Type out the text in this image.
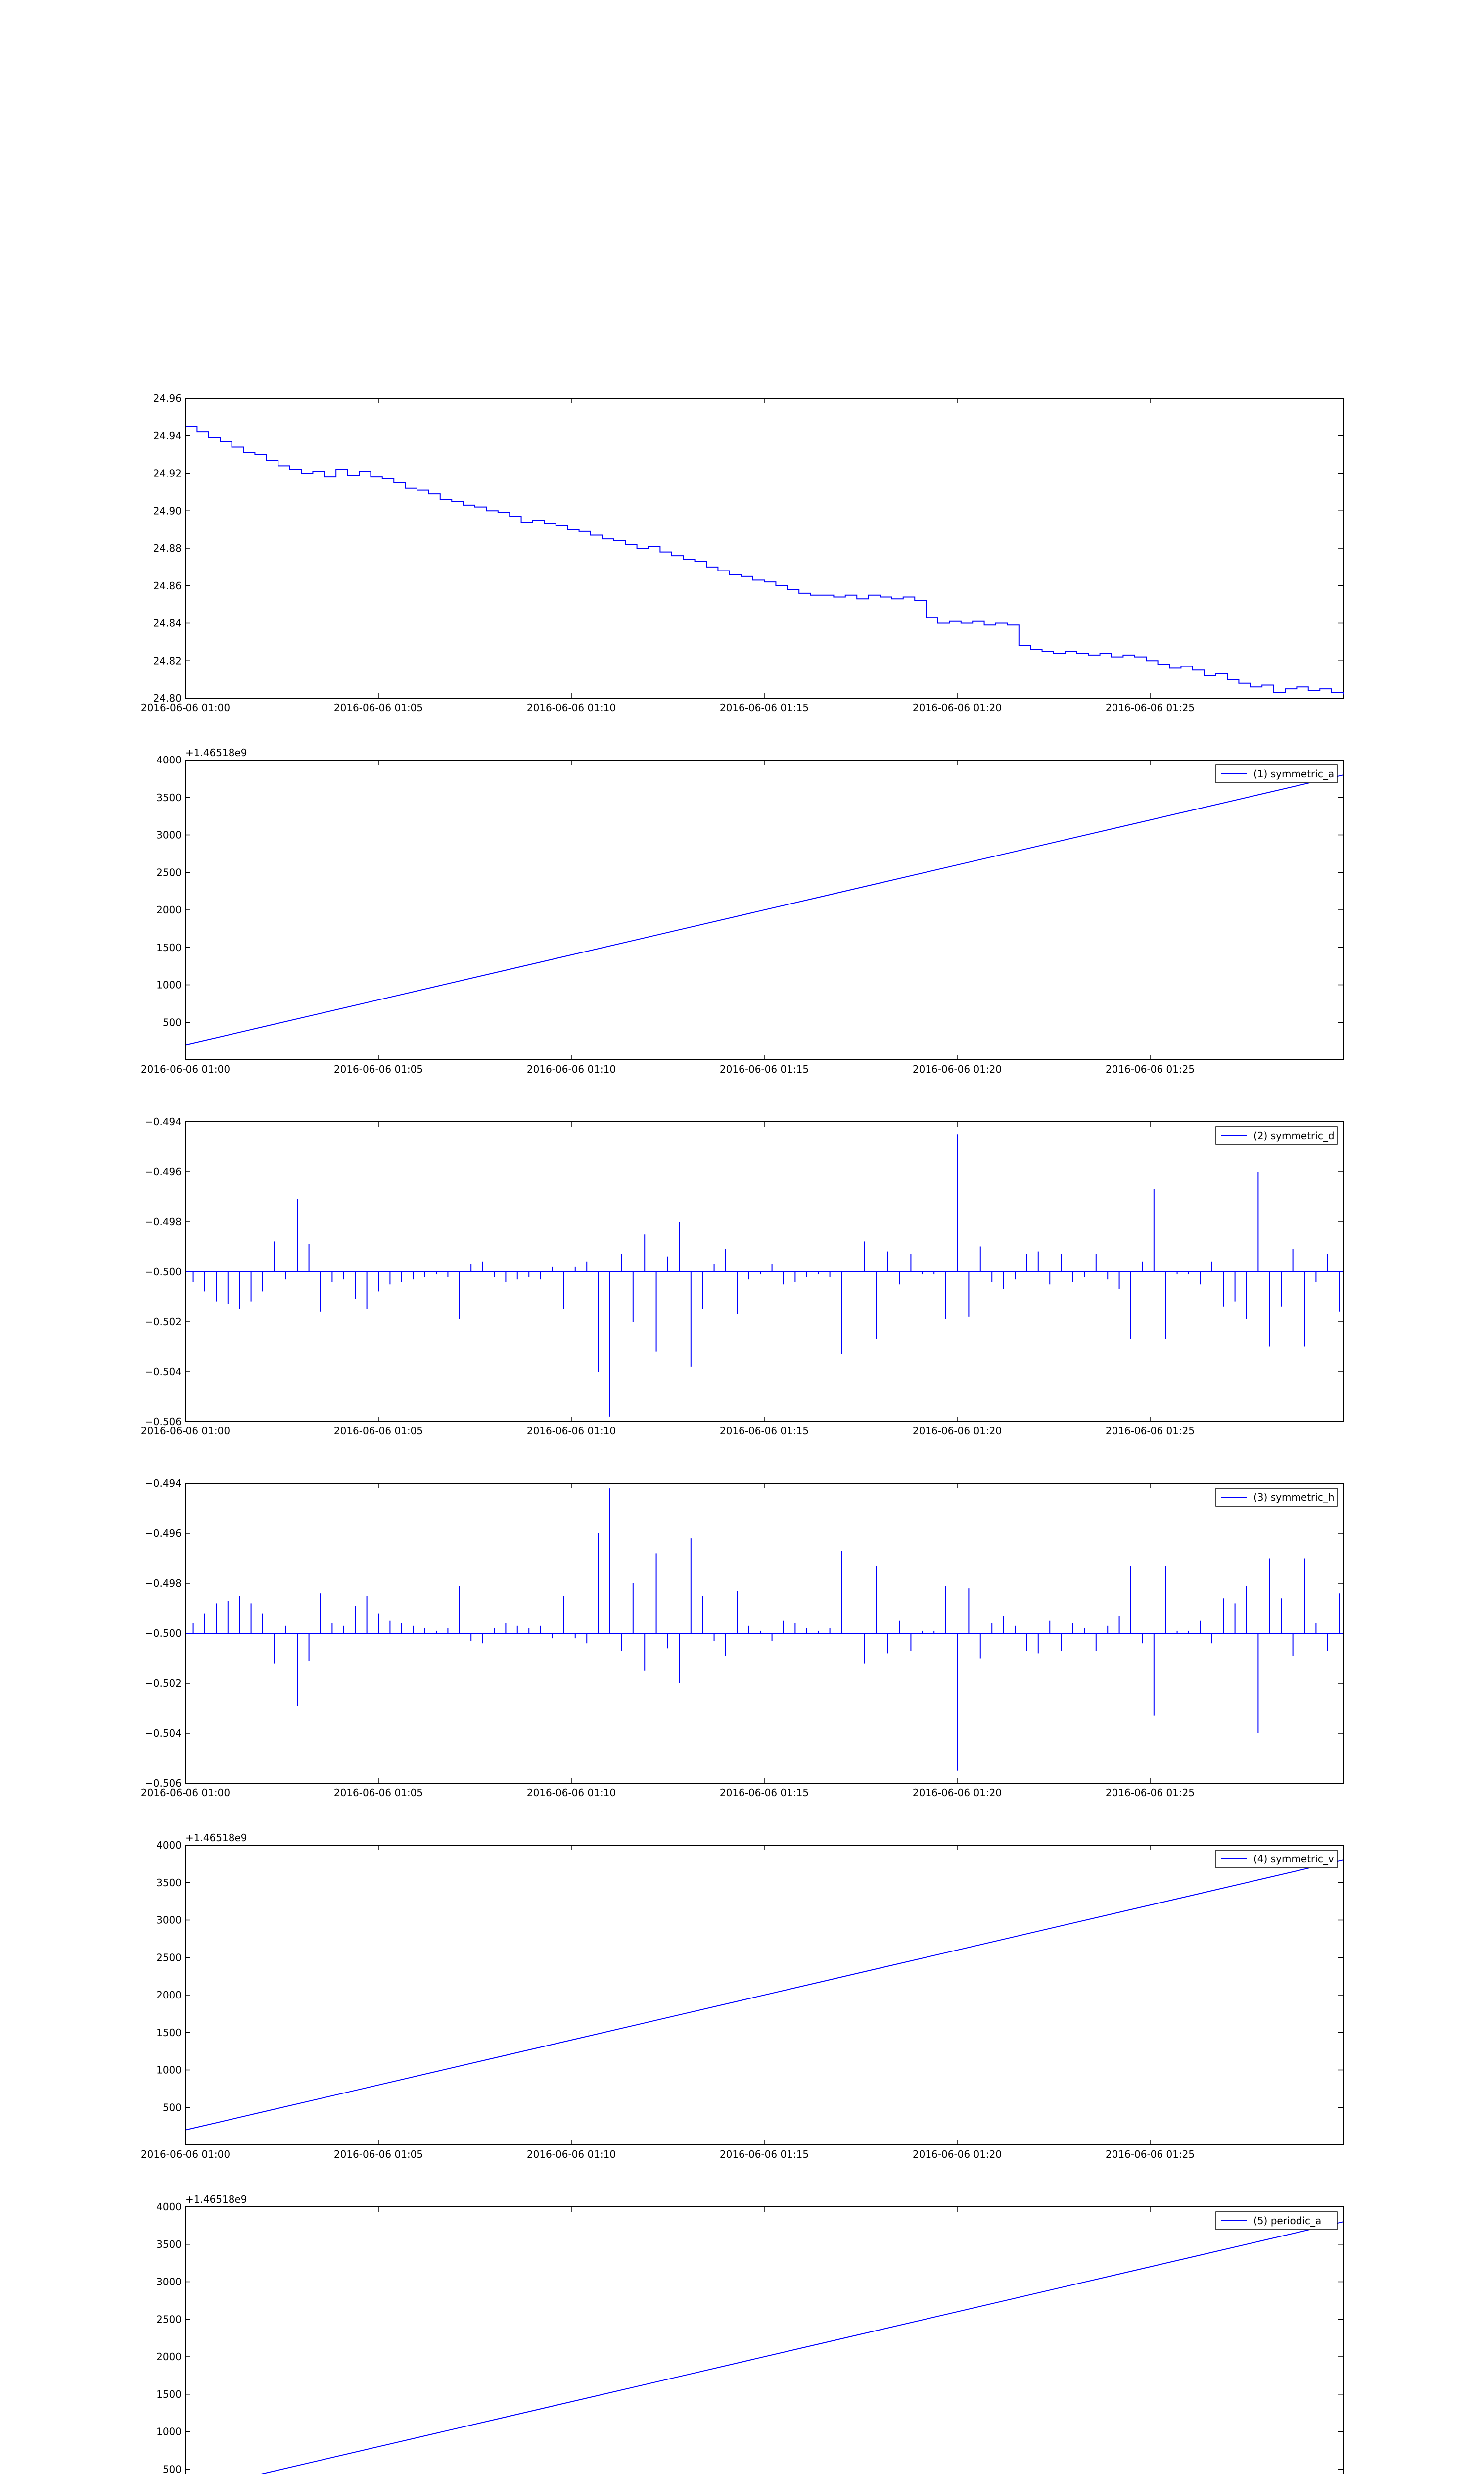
24.80
24.82
24.84
24.86
24.88
24.90
24.92
24.94
24.96
2016-06-06 01:00	2016-06-06 01:05	2016-06-06 01:10	2016-06-06 01:15	2016-06-06 01:20	2016-06-06 01:25
500
1000
1500
2000
2500
3000
3500
4000
2016-06-06 01:00	2016-06-06 01:05	2016-06-06 01:10	2016-06-06 01:15	2016-06-06 01:20	2016-06-06 01:25
+1.46518e9
(1) symmetric_a
−0.506
−0.504
−0.502
−0.500
−0.498
−0.496
−0.494
2016-06-06 01:00	2016-06-06 01:05	2016-06-06 01:10	2016-06-06 01:15	2016-06-06 01:20	2016-06-06 01:25
(2) symmetric_d
−0.506
−0.504
−0.502
−0.500
−0.498
−0.496
−0.494
2016-06-06 01:00	2016-06-06 01:05	2016-06-06 01:10	2016-06-06 01:15	2016-06-06 01:20	2016-06-06 01:25
(3) symmetric_h
500
1000
1500
2000
2500
3000
3500
4000
2016-06-06 01:00	2016-06-06 01:05	2016-06-06 01:10	2016-06-06 01:15	2016-06-06 01:20	2016-06-06 01:25
+1.46518e9
(4) symmetric_v
500
1000
1500
2000
2500
3000
3500
4000
+1.46518e9
(5) periodic_a
